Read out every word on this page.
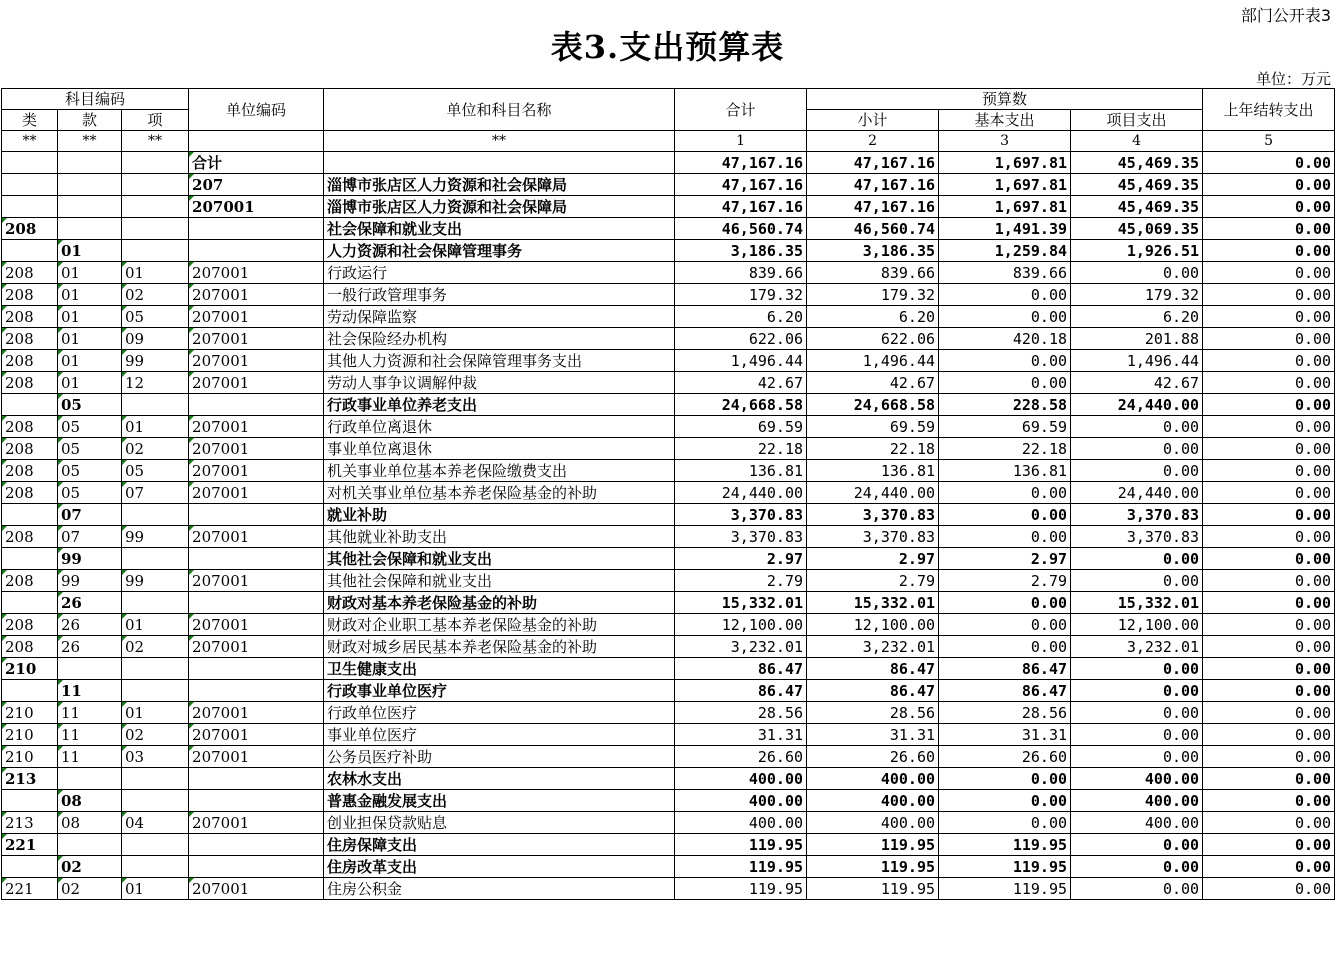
部门公开表3
表3.支出预算表
单位：万元
科目编码			单位编码	单位和科目名称	合计	预算数			上年结转支出
类	款	项				小计	基本支出	项目支出	

**	**	**		**	1	2	3	4	5
			合计		47,167.16	47,167.16	1,697.81	45,469.35	0.00
			207	淄博市张店区人力资源和社会保障局	47,167.16	47,167.16	1,697.81	45,469.35	0.00
			207001	淄博市张店区人力资源和社会保障局	47,167.16	47,167.16	1,697.81	45,469.35	0.00
208				社会保障和就业支出	46,560.74	46,560.74	1,491.39	45,069.35	0.00
	01			人力资源和社会保障管理事务	3,186.35	3,186.35	1,259.84	1,926.51	0.00
208	01	01	207001	行政运行	839.66	839.66	839.66	0.00	0.00
208	01	02	207001	一般行政管理事务	179.32	179.32	0.00	179.32	0.00
208	01	05	207001	劳动保障监察	6.20	6.20	0.00	6.20	0.00
208	01	09	207001	社会保险经办机构	622.06	622.06	420.18	201.88	0.00
208	01	99	207001	其他人力资源和社会保障管理事务支出	1,496.44	1,496.44	0.00	1,496.44	0.00
208	01	12	207001	劳动人事争议调解仲裁	42.67	42.67	0.00	42.67	0.00
	05			行政事业单位养老支出	24,668.58	24,668.58	228.58	24,440.00	0.00
208	05	01	207001	行政单位离退休	69.59	69.59	69.59	0.00	0.00
208	05	02	207001	事业单位离退休	22.18	22.18	22.18	0.00	0.00
208	05	05	207001	机关事业单位基本养老保险缴费支出	136.81	136.81	136.81	0.00	0.00
208	05	07	207001	对机关事业单位基本养老保险基金的补助	24,440.00	24,440.00	0.00	24,440.00	0.00
	07			就业补助	3,370.83	3,370.83	0.00	3,370.83	0.00
208	07	99	207001	其他就业补助支出	3,370.83	3,370.83	0.00	3,370.83	0.00
	99			其他社会保障和就业支出	2.97	2.97	2.97	0.00	0.00
208	99	99	207001	其他社会保障和就业支出	2.79	2.79	2.79	0.00	0.00
	26			财政对基本养老保险基金的补助	15,332.01	15,332.01	0.00	15,332.01	0.00
208	26	01	207001	财政对企业职工基本养老保险基金的补助	12,100.00	12,100.00	0.00	12,100.00	0.00
208	26	02	207001	财政对城乡居民基本养老保险基金的补助	3,232.01	3,232.01	0.00	3,232.01	0.00
210				卫生健康支出	86.47	86.47	86.47	0.00	0.00
	11			行政事业单位医疗	86.47	86.47	86.47	0.00	0.00
210	11	01	207001	行政单位医疗	28.56	28.56	28.56	0.00	0.00
210	11	02	207001	事业单位医疗	31.31	31.31	31.31	0.00	0.00
210	11	03	207001	公务员医疗补助	26.60	26.60	26.60	0.00	0.00
213				农林水支出	400.00	400.00	0.00	400.00	0.00
	08			普惠金融发展支出	400.00	400.00	0.00	400.00	0.00
213	08	04	207001	创业担保贷款贴息	400.00	400.00	0.00	400.00	0.00
221				住房保障支出	119.95	119.95	119.95	0.00	0.00
	02			住房改革支出	119.95	119.95	119.95	0.00	0.00
221	02	01	207001	住房公积金	119.95	119.95	119.95	0.00	0.00
